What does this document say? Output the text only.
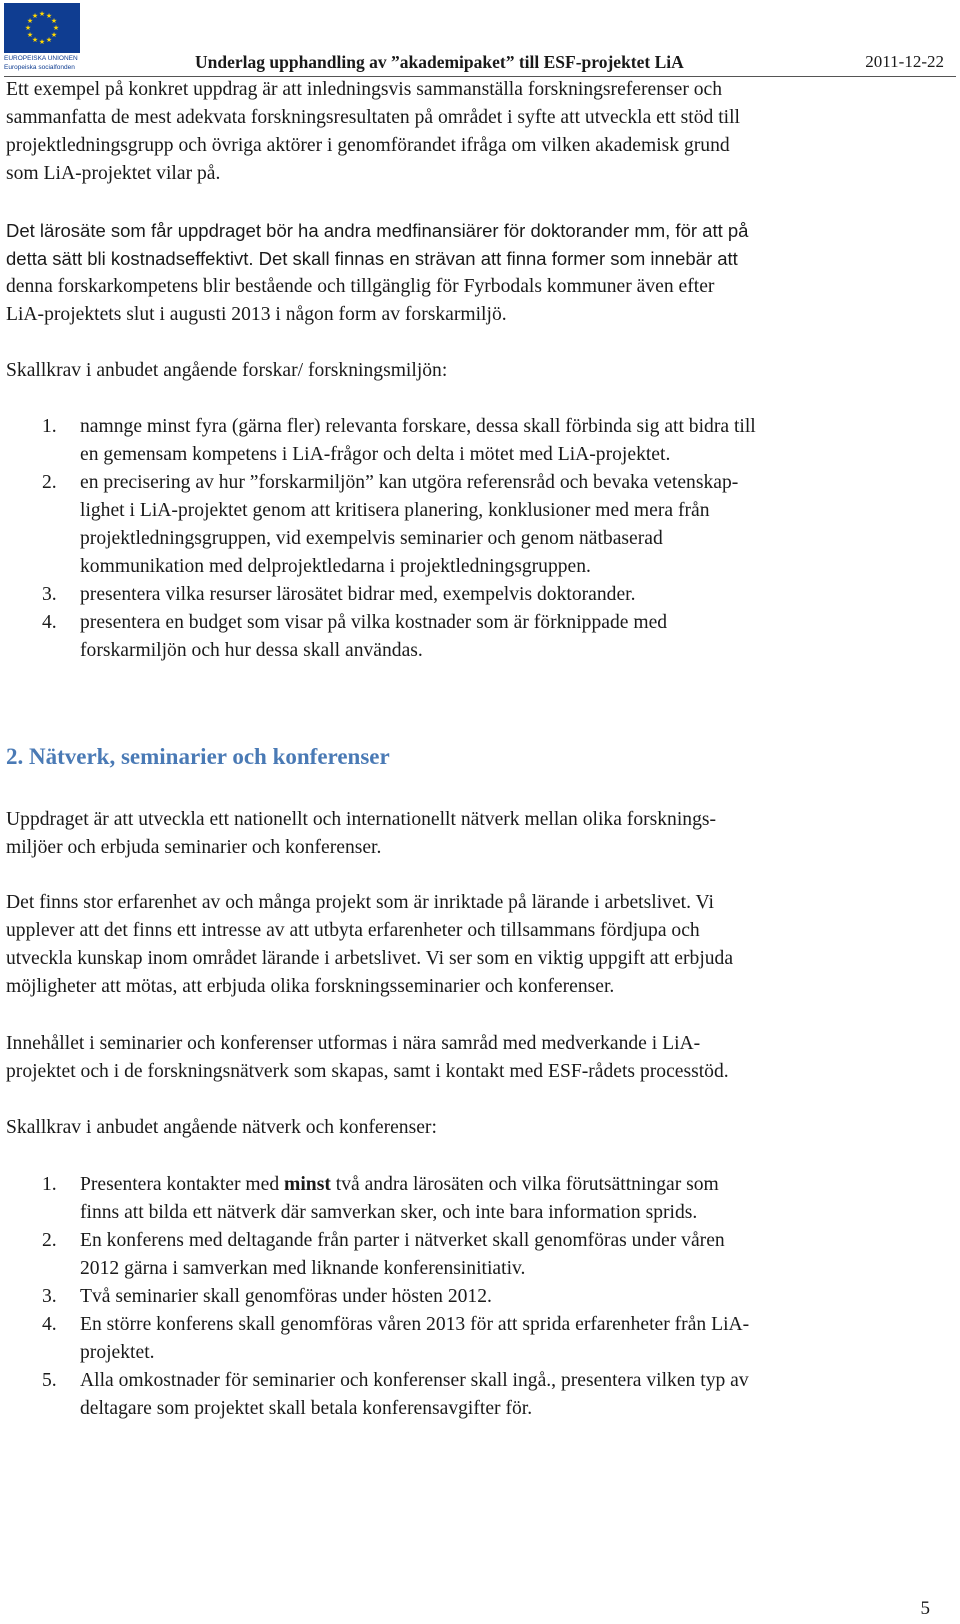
★ ★
★
★
★
★
★
★
★
★
★
★
EUROPEISKA UNIONEN
Europeiska socialfonden	Underlag upphandling av ”akademipaket” till ESF-projektet LiA	2011-12-22

Ett exempel på konkret uppdrag är att inledningsvis sammanställa forskningsreferenser och

sammanfatta de mest adekvata forskningsresultaten på området i syfte att utveckla ett stöd till

projektledningsgrupp och övriga aktörer i genomförandet ifråga om vilken akademisk grund

som LiA-projektet vilar på.

Det lärosäte som får uppdraget bör ha andra medfinansiärer för doktorander mm, för att på

detta sätt bli kostnadseffektivt. Det skall finnas en strävan att finna former som innebär att

denna forskarkompetens blir bestående och tillgänglig för Fyrbodals kommuner även efter

LiA-projektets slut i augusti 2013 i någon form av forskarmiljö.

Skallkrav i anbudet angående forskar/ forskningsmiljön:

1. namnge minst fyra (gärna fler) relevanta forskare, dessa skall förbinda sig att bidra till

en gemensam kompetens i LiA-frågor och delta i mötet med LiA-projektet.

2. en precisering av hur ”forskarmiljön” kan utgöra referensråd och bevaka vetenskap-

lighet i LiA-projektet genom att kritisera planering, konklusioner med mera från

projektledningsgruppen, vid exempelvis seminarier och genom nätbaserad

kommunikation med delprojektledarna i projektledningsgruppen.

3. presentera vilka resurser lärosätet bidrar med, exempelvis doktorander.

4. presentera en budget som visar på vilka kostnader som är förknippade med

forskarmiljön och hur dessa skall användas.

2. Nätverk, seminarier och konferenser

Uppdraget är att utveckla ett nationellt och internationellt nätverk mellan olika forsknings-

miljöer och erbjuda seminarier och konferenser.

Det finns stor erfarenhet av och många projekt som är inriktade på lärande i arbetslivet. Vi

upplever att det finns ett intresse av att utbyta erfarenheter och tillsammans fördjupa och

utveckla kunskap inom området lärande i arbetslivet. Vi ser som en viktig uppgift att erbjuda

möjligheter att mötas, att erbjuda olika forskningsseminarier och konferenser.

Innehållet i seminarier och konferenser utformas i nära samråd med medverkande i LiA-

projektet och i de forskningsnätverk som skapas, samt i kontakt med ESF-rådets processtöd.

Skallkrav i anbudet angående nätverk och konferenser:

1. Presentera kontakter med minst två andra lärosäten och vilka förutsättningar som

finns att bilda ett nätverk där samverkan sker, och inte bara information sprids.

2. En konferens med deltagande från parter i nätverket skall genomföras under våren

2012 gärna i samverkan med liknande konferensinitiativ.

3. Två seminarier skall genomföras under hösten 2012.

4. En större konferens skall genomföras våren 2013 för att sprida erfarenheter från LiA-

projektet.

5. Alla omkostnader för seminarier och konferenser skall ingå., presentera vilken typ av

deltagare som projektet skall betala konferensavgifter för.

5
